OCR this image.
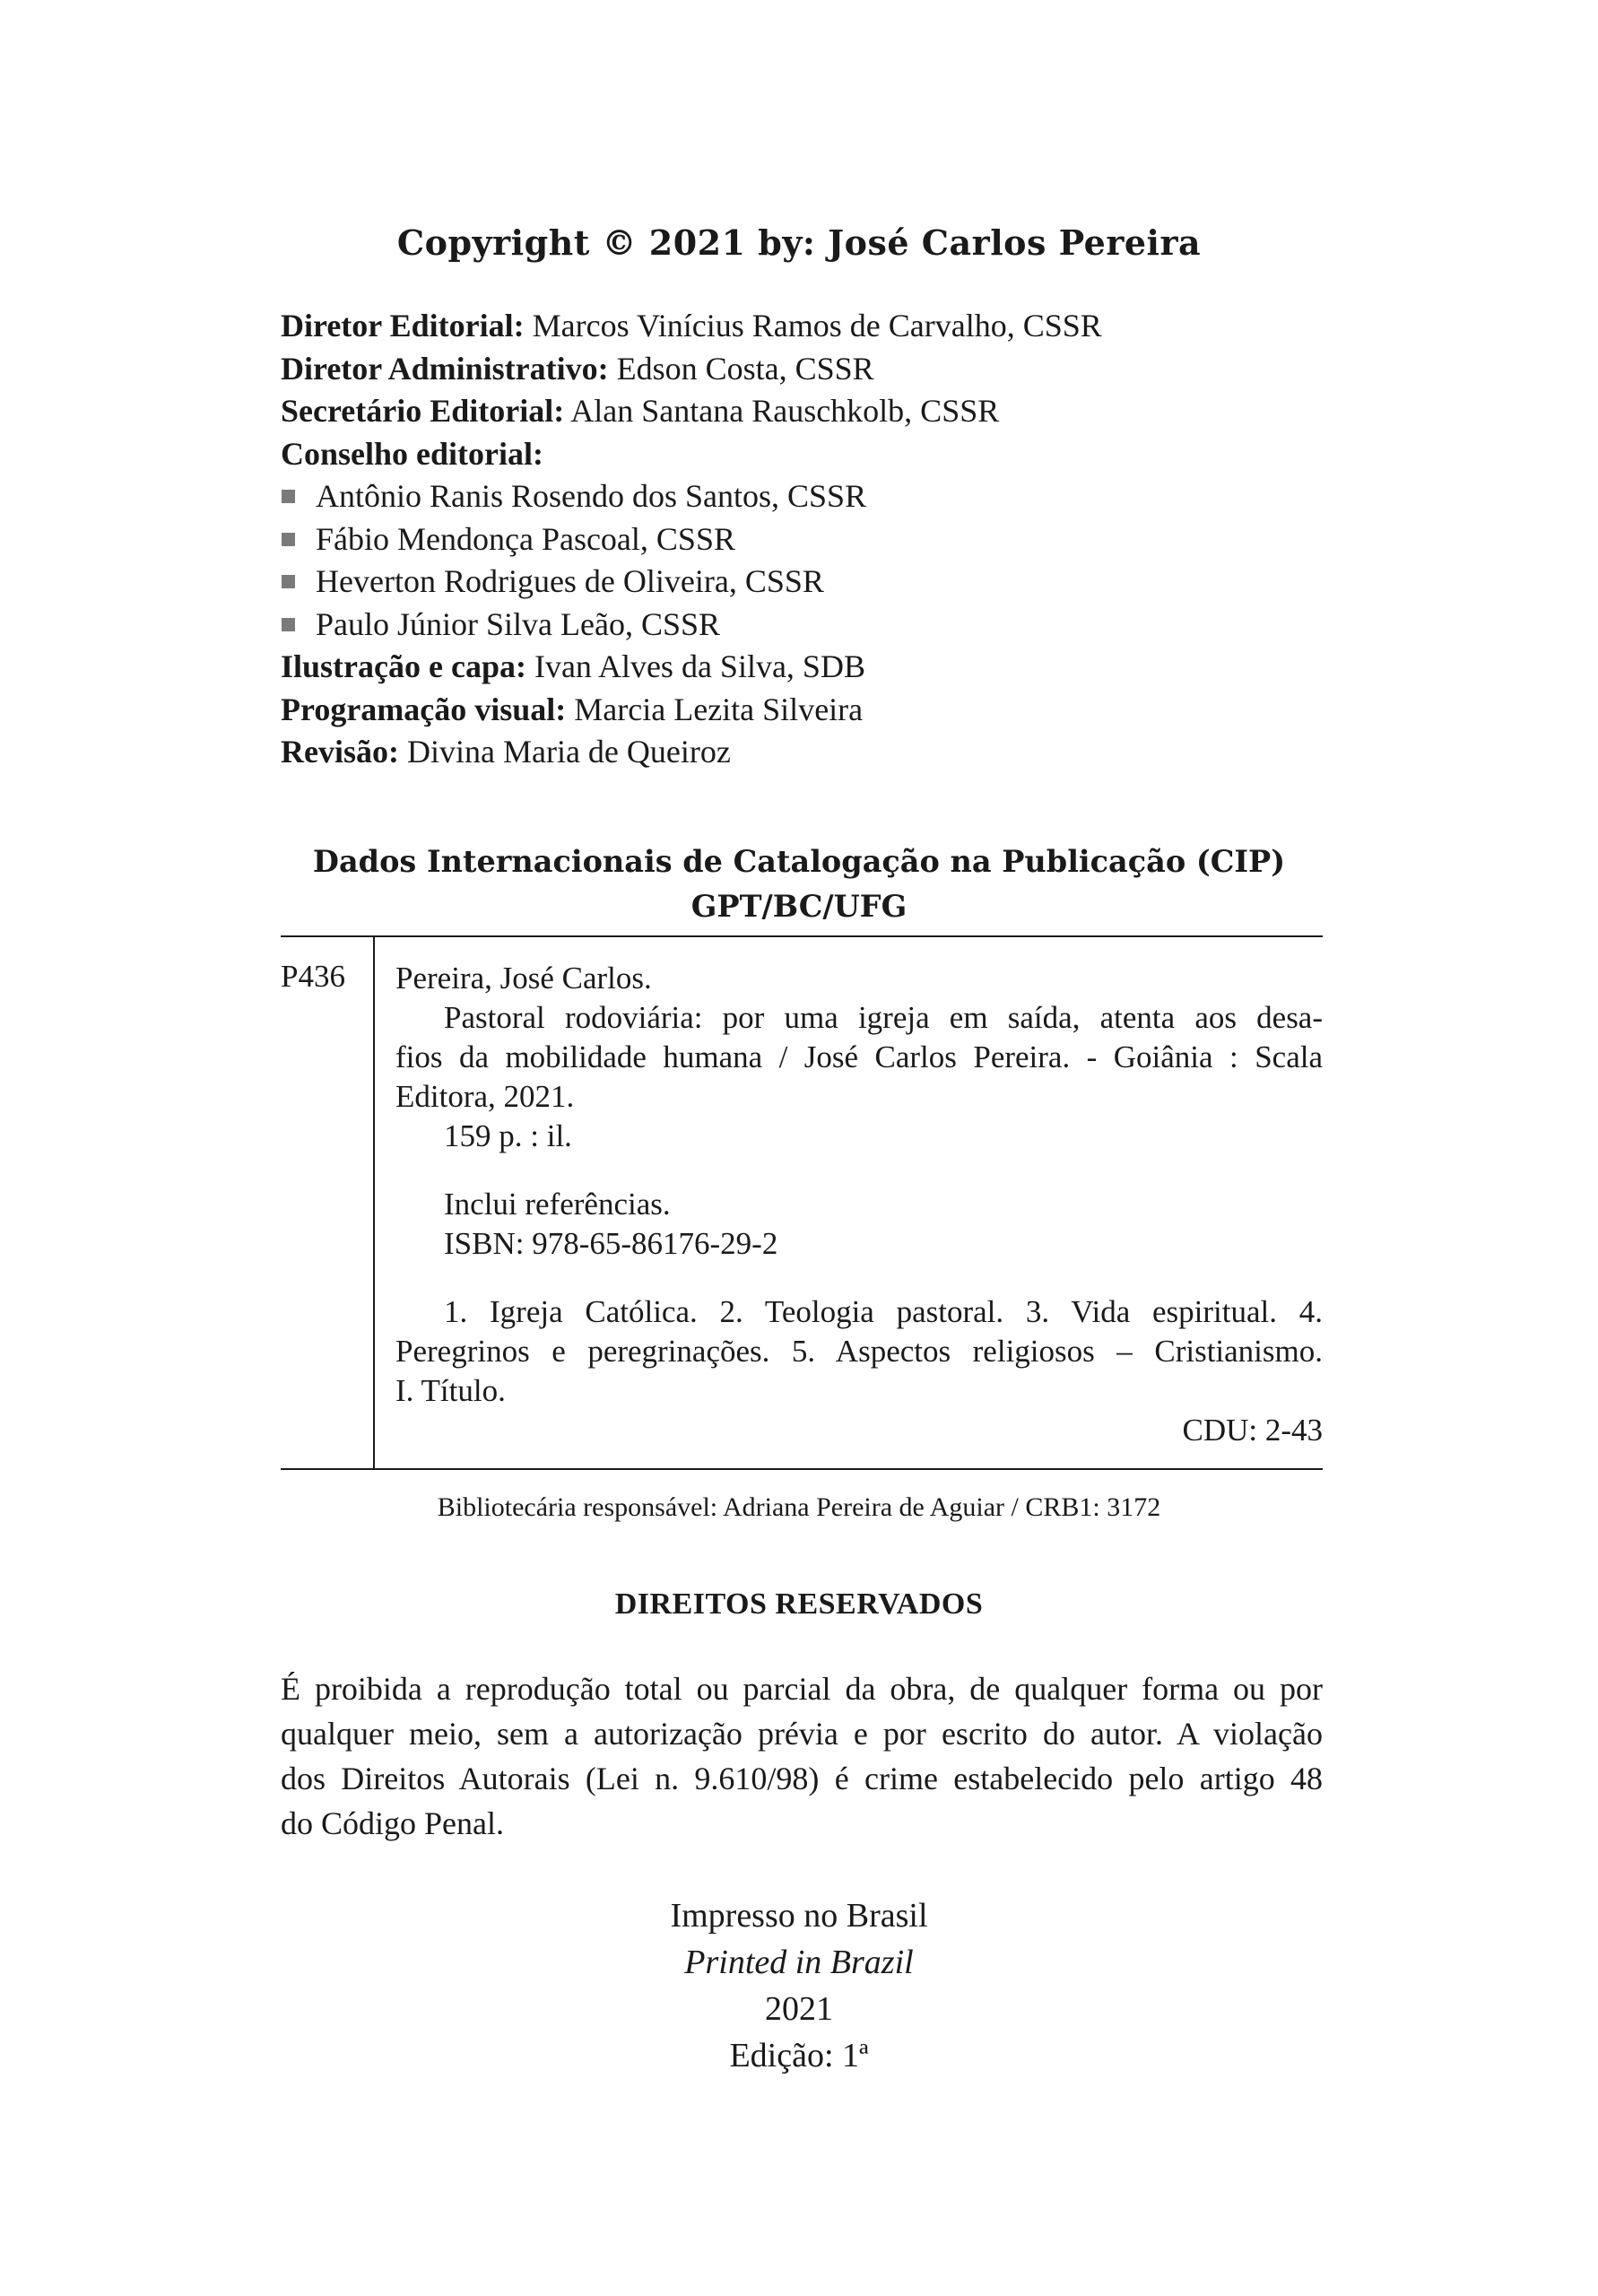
Copyright © 2021 by: José Carlos Pereira
Diretor Editorial: Marcos Vinícius Ramos de Carvalho, CSSR
Diretor Administrativo: Edson Costa, CSSR
Secretário Editorial: Alan Santana Rauschkolb, CSSR
Conselho editorial:
Antônio Ranis Rosendo dos Santos, CSSR
Fábio Mendonça Pascoal, CSSR
Heverton Rodrigues de Oliveira, CSSR
Paulo Júnior Silva Leão, CSSR
Ilustração e capa: Ivan Alves da Silva, SDB
Programação visual: Marcia Lezita Silveira
Revisão: Divina Maria de Queiroz
Dados Internacionais de Catalogação na Publicação (CIP)
GPT/BC/UFG
P436 Pereira, José Carlos.
Pastoral rodoviária: por uma igreja em saída, atenta aos desa-
fios da mobilidade humana / José Carlos Pereira. - Goiânia : Scala
Editora, 2021.
159 p. : il.
Inclui referências.
ISBN: 978-65-86176-29-2
1. Igreja Católica. 2. Teologia pastoral. 3. Vida espiritual. 4.
Peregrinos e peregrinações. 5. Aspectos religiosos – Cristianismo.
I. Título.
CDU: 2-43
Bibliotecária responsável: Adriana Pereira de Aguiar / CRB1: 3172
DIREITOS RESERVADOS
É proibida a reprodução total ou parcial da obra, de qualquer forma ou por
qualquer meio, sem a autorização prévia e por escrito do autor. A violação
dos Direitos Autorais (Lei n. 9.610/98) é crime estabelecido pelo artigo 48
do Código Penal.
Impresso no Brasil
Printed in Brazil
2021
Edição: 1ª
